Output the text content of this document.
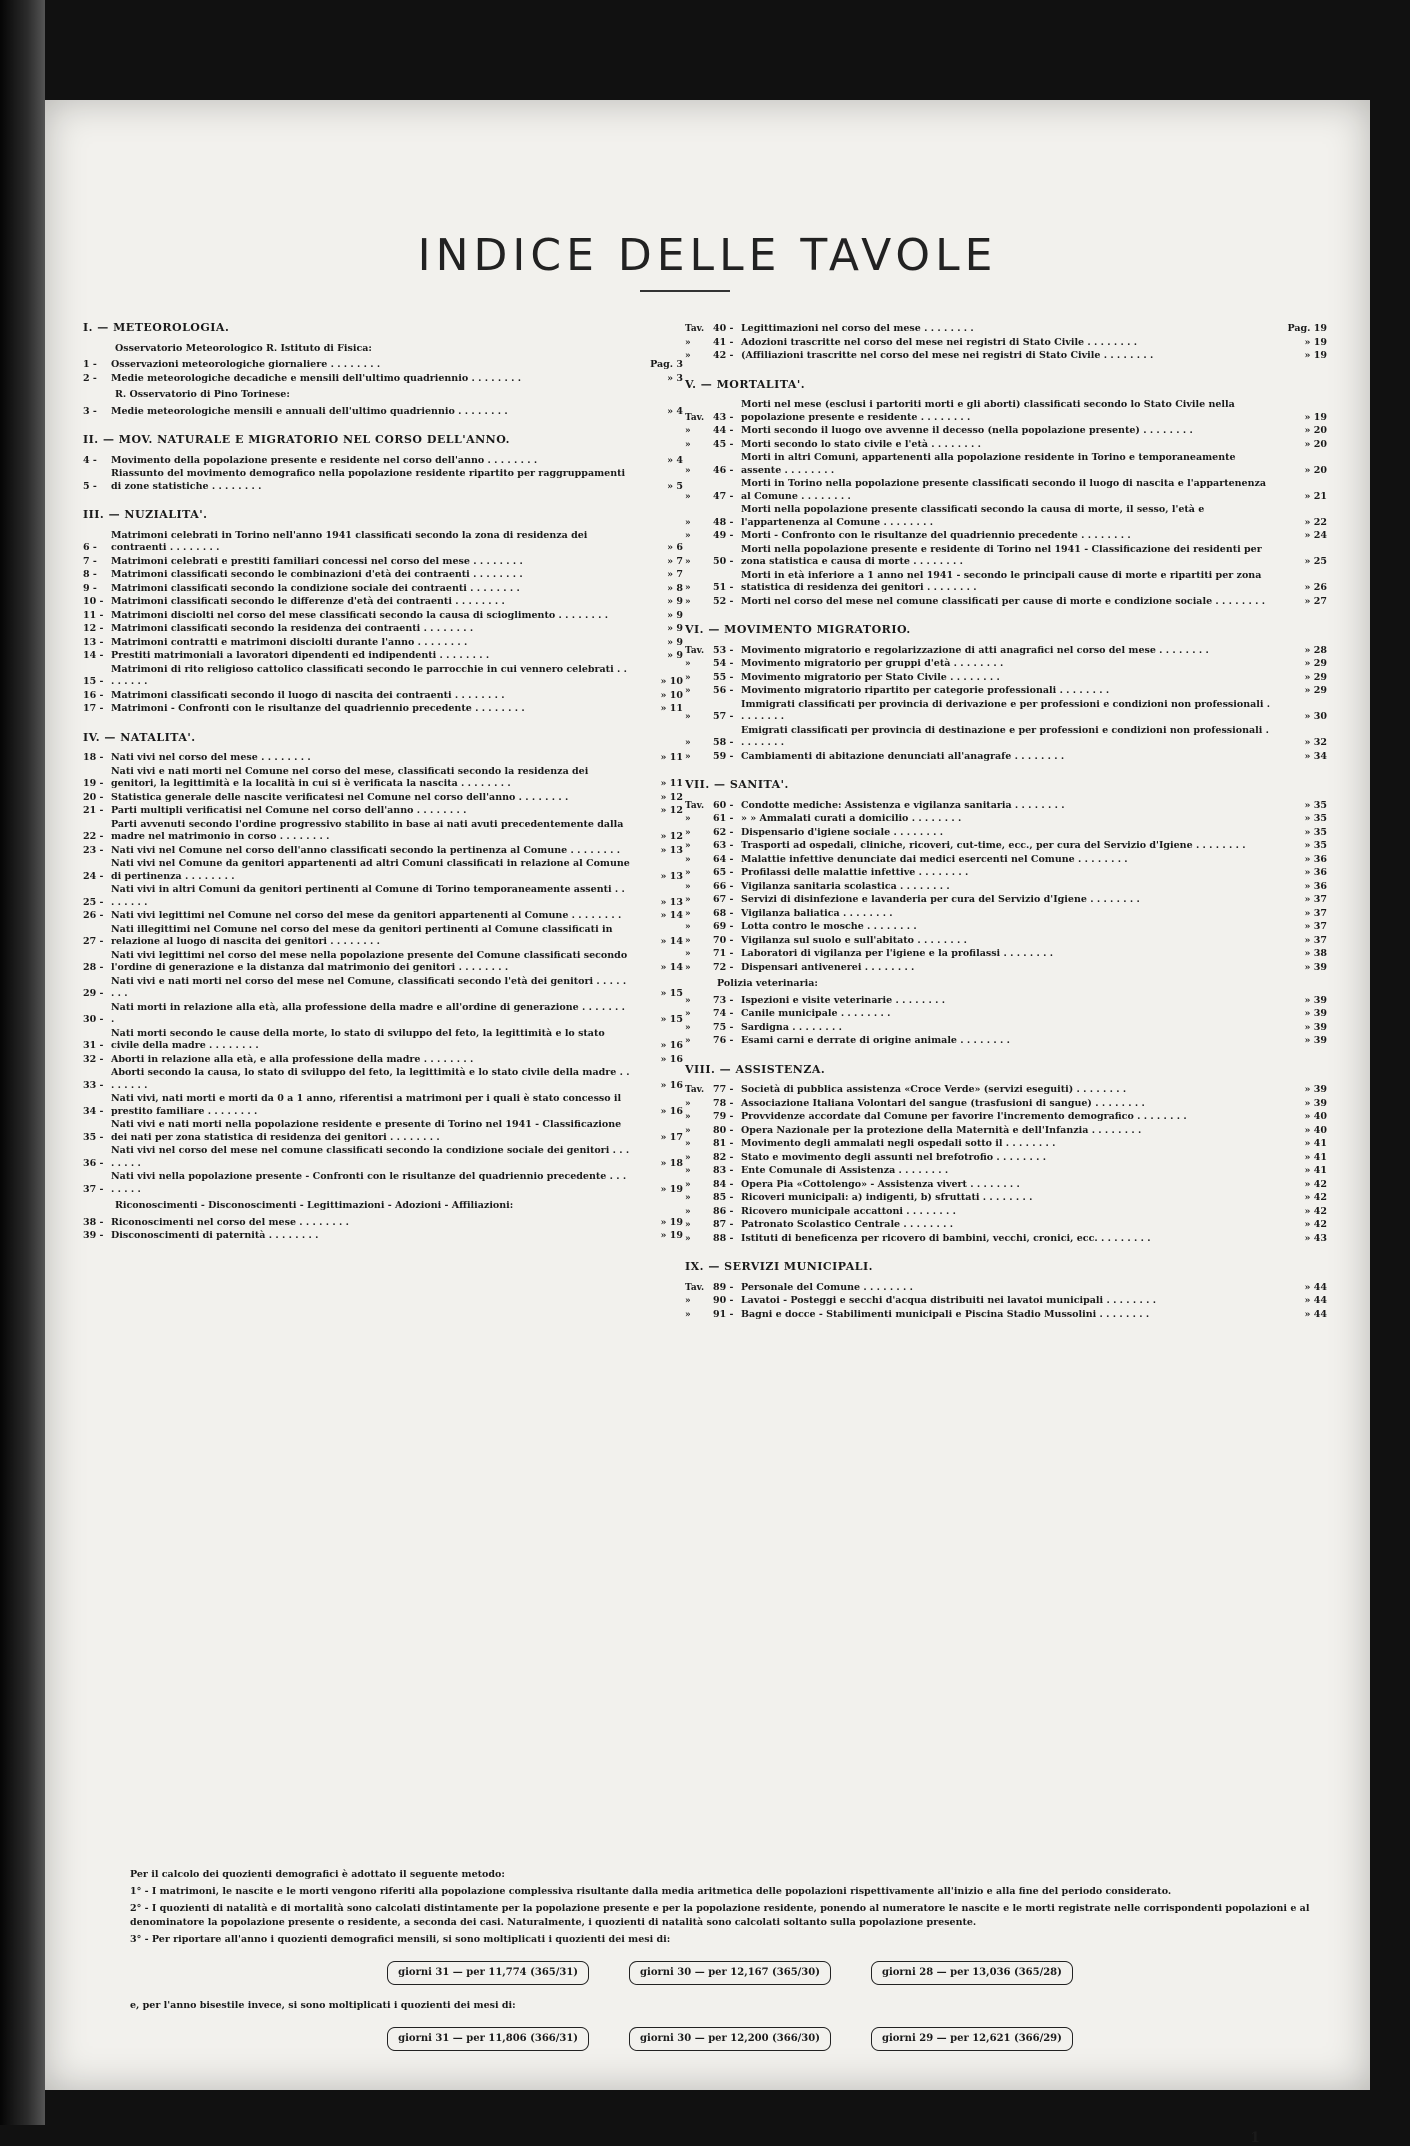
INDICE DELLE TAVOLE
I. — METEOROLOGIA.
Osservatorio Meteorologico R. Istituto di Fisica:
1 -	Osservazioni meteorologiche giornaliere . . . . . . . .	Pag. 3
2 -	Medie meteorologiche decadiche e mensili dell'ultimo quadriennio . . . . . . . .	» 3
R. Osservatorio di Pino Torinese:
3 -	Medie meteorologiche mensili e annuali dell'ultimo quadriennio . . . . . . . .	» 4
II. — MOV. NATURALE E MIGRATORIO NEL CORSO DELL'ANNO.
4 -	Movimento della popolazione presente e residente nel corso dell'anno . . . . . . . .	» 4
5 -
Riassunto del movimento demografico nella popolazione residente ripartito per raggruppamenti di zone statistiche . . . . . . . .	» 5
III. — NUZIALITA'.
6 -
Matrimoni celebrati in Torino nell'anno 1941 classificati secondo la zona di residenza dei contraenti . . . . . . . .	» 6
7 -	Matrimoni celebrati e prestiti familiari concessi nel corso del mese . . . . . . . .	» 7
8 -	Matrimoni classificati secondo le combinazioni d'età dei contraenti . . . . . . . .	» 7
9 -	Matrimoni classificati secondo la condizione sociale dei contraenti . . . . . . . .	» 8
10 - Matrimoni classificati secondo le differenze d'età dei contraenti . . . . . . . .	» 9
11 - Matrimoni disciolti nel corso del mese classificati secondo la causa di scioglimento . . . . . . . .	» 9
12 - Matrimoni classificati secondo la residenza dei contraenti . . . . . . . .	» 9
13 - Matrimoni contratti e matrimoni disciolti durante l'anno . . . . . . . .	» 9
14 - Prestiti matrimoniali a lavoratori dipendenti ed indipendenti . . . . . . . .	» 9
15 -
Matrimoni di rito religioso cattolico classificati secondo le parrocchie in cui vennero celebrati . . . . . . . .	» 10
16 - Matrimoni classificati secondo il luogo di nascita dei contraenti . . . . . . . .	» 10
17 - Matrimoni - Confronti con le risultanze del quadriennio precedente . . . . . . . .	» 11
IV. — NATALITA'.
18 - Nati vivi nel corso del mese . . . . . . . .	» 11
19 -
Nati vivi e nati morti nel Comune nel corso del mese, classificati secondo la residenza dei genitori, la legittimità e la località in cui si è verificata la nascita . . . . . . . .	» 11
20 - Statistica generale delle nascite verificatesi nel Comune nel corso dell'anno . . . . . . . .	» 12
21 - Parti multipli verificatisi nel Comune nel corso dell'anno . . . . . . . .	» 12
22 -
Parti avvenuti secondo l'ordine progressivo stabilito in base ai nati avuti precedentemente dalla madre nel matrimonio in corso . . . . . . . .	» 12
23 - Nati vivi nel Comune nel corso dell'anno classificati secondo la pertinenza al Comune . . . . . . . .	» 13
24 -
Nati vivi nel Comune da genitori appartenenti ad altri Comuni classificati in relazione al Comune di pertinenza . . . . . . . .	» 13
25 -
Nati vivi in altri Comuni da genitori pertinenti al Comune di Torino temporaneamente assenti . . . . . . . .	» 13
26 - Nati vivi legittimi nel Comune nel corso del mese da genitori appartenenti al Comune . . . . . . . .	» 14
27 -
Nati illegittimi nel Comune nel corso del mese da genitori pertinenti al Comune classificati in relazione al luogo di nascita dei genitori . . . . . . . .	» 14
28 -
Nati vivi legittimi nel corso del mese nella popolazione presente del Comune classificati secondo l'ordine di generazione e la distanza dal matrimonio dei genitori . . . . . . . .	» 14
29 -
Nati vivi e nati morti nel corso del mese nel Comune, classificati secondo l'età dei genitori . . . . . . . .	» 15
30 -
Nati morti in relazione alla età, alla professione della madre e all'ordine di generazione . . . . . . . .	» 15
31 -
Nati morti secondo le cause della morte, lo stato di sviluppo del feto, la legittimità e lo stato civile della madre . . . . . . . .	» 16
32 - Aborti in relazione alla età, e alla professione della madre . . . . . . . .	» 16
33 -
Aborti secondo la causa, lo stato di sviluppo del feto, la legittimità e lo stato civile della madre . . . . . . . .	» 16
34 -
Nati vivi, nati morti e morti da 0 a 1 anno, riferentisi a matrimoni per i quali è stato concesso il prestito familiare . . . . . . . .	» 16
35 -
Nati vivi e nati morti nella popolazione residente e presente di Torino nel 1941 - Classificazione dei nati per zona statistica di residenza dei genitori . . . . . . . .	» 17
36 -
Nati vivi nel corso del mese nel comune classificati secondo la condizione sociale dei genitori . . . . . . . .	» 18
37 -
Nati vivi nella popolazione presente - Confronti con le risultanze del quadriennio precedente . . . . . . . .	» 19
Riconoscimenti - Disconoscimenti - Legittimazioni - Adozioni - Affiliazioni:
38 - Riconoscimenti nel corso del mese . . . . . . . .	» 19
39 - Disconoscimenti di paternità . . . . . . . .	» 19
Tav. 40 - Legittimazioni nel corso del mese . . . . . . . .	Pag. 19
»	41 - Adozioni trascritte nel corso del mese nei registri di Stato Civile . . . . . . . .	» 19
»	42 - (Affiliazioni trascritte nel corso del mese nei registri di Stato Civile . . . . . . . .	» 19
V. — MORTALITA'.
Tav. 43 -
Morti nel mese (esclusi i partoriti morti e gli aborti) classificati secondo lo Stato Civile nella popolazione presente e residente . . . . . . . .	» 19
»	44 - Morti secondo il luogo ove avvenne il decesso (nella popolazione presente) . . . . . . . .	» 20
»	45 - Morti secondo lo stato civile e l'età . . . . . . . .	» 20
»	46 -
Morti in altri Comuni, appartenenti alla popolazione residente in Torino e temporaneamente assente . . . . . . . .	» 20
»	47 -
Morti in Torino nella popolazione presente classificati secondo il luogo di nascita e l'appartenenza al Comune . . . . . . . .	» 21
»	48 -
Morti nella popolazione presente classificati secondo la causa di morte, il sesso, l'età e l'appartenenza al Comune . . . . . . . .	» 22
»	49 - Morti - Confronto con le risultanze del quadriennio precedente . . . . . . . .	» 24
»	50 -
Morti nella popolazione presente e residente di Torino nel 1941 - Classificazione dei residenti per zona statistica e causa di morte . . . . . . . .	» 25
»	51 -
Morti in età inferiore a 1 anno nel 1941 - secondo le principali cause di morte e ripartiti per zona statistica di residenza dei genitori . . . . . . . .	» 26
»	52 - Morti nel corso del mese nel comune classificati per cause di morte e condizione sociale . . . . . . . .	» 27
VI. — MOVIMENTO MIGRATORIO.
Tav. 53 - Movimento migratorio e regolarizzazione di atti anagrafici nel corso del mese . . . . . . . .	» 28
»	54 - Movimento migratorio per gruppi d'età . . . . . . . .	» 29
»	55 - Movimento migratorio per Stato Civile . . . . . . . .	» 29
»	56 - Movimento migratorio ripartito per categorie professionali . . . . . . . .	» 29
»	57 -
Immigrati classificati per provincia di derivazione e per professioni e condizioni non professionali . . . . . . . .	» 30
»	58 -
Emigrati classificati per provincia di destinazione e per professioni e condizioni non professionali . . . . . . . .	» 32
»	59 - Cambiamenti di abitazione denunciati all'anagrafe . . . . . . . .	» 34
VII. — SANITA'.
Tav. 60 - Condotte mediche: Assistenza e vigilanza sanitaria . . . . . . . .	» 35
»	61 - » » Ammalati curati a domicilio . . . . . . . .	» 35
»	62 - Dispensario d'igiene sociale . . . . . . . .	» 35
»	63 - Trasporti ad ospedali, cliniche, ricoveri, cut-time, ecc., per cura del Servizio d'Igiene . . . . . . . .	» 35
»	64 - Malattie infettive denunciate dai medici esercenti nel Comune . . . . . . . .	» 36
»	65 - Profilassi delle malattie infettive . . . . . . . .	» 36
»	66 - Vigilanza sanitaria scolastica . . . . . . . .	» 36
»	67 - Servizi di disinfezione e lavanderia per cura del Servizio d'Igiene . . . . . . . .	» 37
»	68 - Vigilanza baliatica . . . . . . . .	» 37
»	69 - Lotta contro le mosche . . . . . . . .	» 37
»	70 - Vigilanza sul suolo e sull'abitato . . . . . . . .	» 37
»	71 - Laboratori di vigilanza per l'igiene e la profilassi . . . . . . . .	» 38
»	72 - Dispensari antivenerei . . . . . . . .	» 39
Polizia veterinaria:
»	73 - Ispezioni e visite veterinarie . . . . . . . .	» 39
»	74 - Canile municipale . . . . . . . .	» 39
»	75 - Sardigna . . . . . . . .	» 39
»	76 - Esami carni e derrate di origine animale . . . . . . . .	» 39
VIII. — ASSISTENZA.
Tav. 77 - Società di pubblica assistenza «Croce Verde» (servizi eseguiti) . . . . . . . .	» 39
»	78 - Associazione Italiana Volontari del sangue (trasfusioni di sangue) . . . . . . . .	» 39
»	79 - Provvidenze accordate dal Comune per favorire l'incremento demografico . . . . . . . .	» 40
»	80 - Opera Nazionale per la protezione della Maternità e dell'Infanzia . . . . . . . .	» 40
»	81 - Movimento degli ammalati negli ospedali sotto il . . . . . . . .	» 41
»	82 - Stato e movimento degli assunti nel brefotrofio . . . . . . . .	» 41
»	83 - Ente Comunale di Assistenza . . . . . . . .	» 41
»	84 - Opera Pia «Cottolengo» - Assistenza vivert . . . . . . . .	» 42
»	85 - Ricoveri municipali: a) indigenti, b) sfruttati . . . . . . . .	» 42
»	86 - Ricovero municipale accattoni . . . . . . . .	» 42
»	87 - Patronato Scolastico Centrale . . . . . . . .	» 42
»	88 - Istituti di beneficenza per ricovero di bambini, vecchi, cronici, ecc. . . . . . . . .	» 43
IX. — SERVIZI MUNICIPALI.
Tav. 89 - Personale del Comune . . . . . . . .	» 44
»	90 - Lavatoi - Posteggi e secchi d'acqua distribuiti nei lavatoi municipali . . . . . . . .	» 44
»	91 - Bagni e docce - Stabilimenti municipali e Piscina Stadio Mussolini . . . . . . . .	» 44

Per il calcolo dei quozienti demografici è adottato il seguente metodo:

1° - I matrimoni, le nascite e le morti vengono riferiti alla popolazione complessiva risultante dalla media aritmetica delle popolazioni rispettivamente all'inizio e alla fine del periodo considerato.

2° - I quozienti di natalità e di mortalità sono calcolati distintamente per la popolazione presente e per la popolazione residente, ponendo al numeratore le nascite e le morti registrate nelle corrispondenti popolazioni e al denominatore la popolazione presente o residente, a seconda dei casi. Naturalmente, i quozienti di natalità sono calcolati soltanto sulla popolazione presente.

3° - Per riportare all'anno i quozienti demografici mensili, si sono moltiplicati i quozienti dei mesi di:

giorni 31 — per 11,774 (365/31)	giorni 30 — per 12,167 (365/30)	giorni 28 — per 13,036 (365/28)

e, per l'anno bisestile invece, si sono moltiplicati i quozienti dei mesi di:

giorni 31 — per 11,806 (366/31)	giorni 30 — per 12,200 (366/30)	giorni 29 — per 12,621 (366/29)
1
